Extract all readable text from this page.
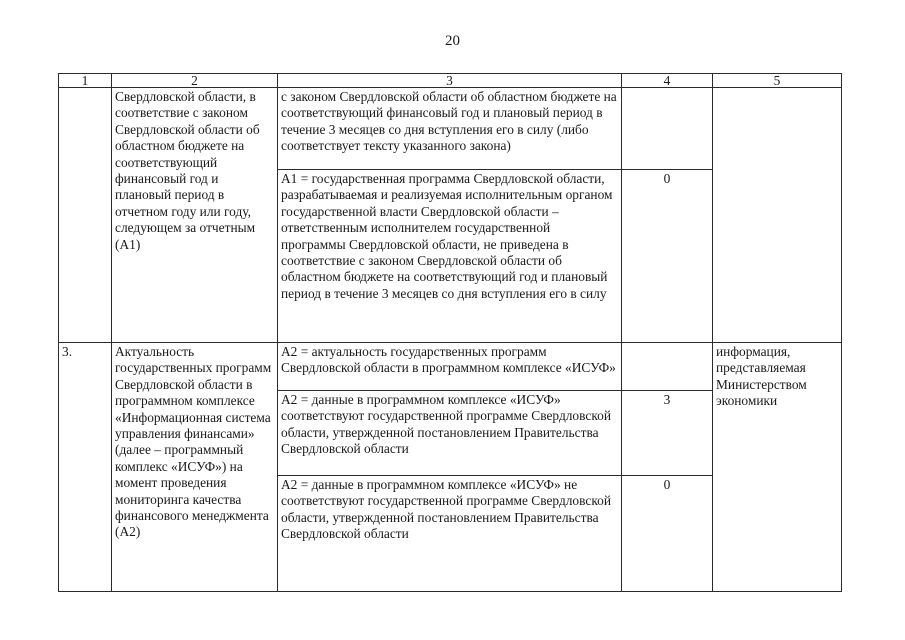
20
1	2	3	4	5
	Свердловской области, в соответствие с законом Свердловской области об областном бюджете на соответствующий финансовый год и плановый период в отчетном году или году, следующем за отчетным (А1)	с законом Свердловской области об областном бюджете на соответствующий финансовый год и плановый период в течение 3 месяцев со дня вступления его в силу (либо соответствует тексту указанного закона)		
		А1 = государственная программа Свердловской области, разрабатываемая и реализуемая исполнительным органом государственной власти Свердловской области – ответственным исполнителем государственной программы Свердловской области, не приведена в соответствие с законом Свердловской области об областном бюджете на соответствующий год и плановый период в течение 3 месяцев со дня вступления его в силу	0	
3.	Актуальность государственных программ Свердловской области в программном комплексе «Информационная система управления финансами» (далее – программный комплекс «ИСУФ») на момент проведения мониторинга качества финансового менеджмента (А2)	А2 = актуальность государственных программ Свердловской области в программном комплексе «ИСУФ»		информация, представляемая Министерством экономики
		А2 = данные в программном комплексе «ИСУФ» соответствуют государственной программе Свердловской области, утвержденной постановлением Правительства Свердловской области	3	
		А2 = данные в программном комплексе «ИСУФ» не соответствуют государственной программе Свердловской области, утвержденной постановлением Правительства Свердловской области	0	
